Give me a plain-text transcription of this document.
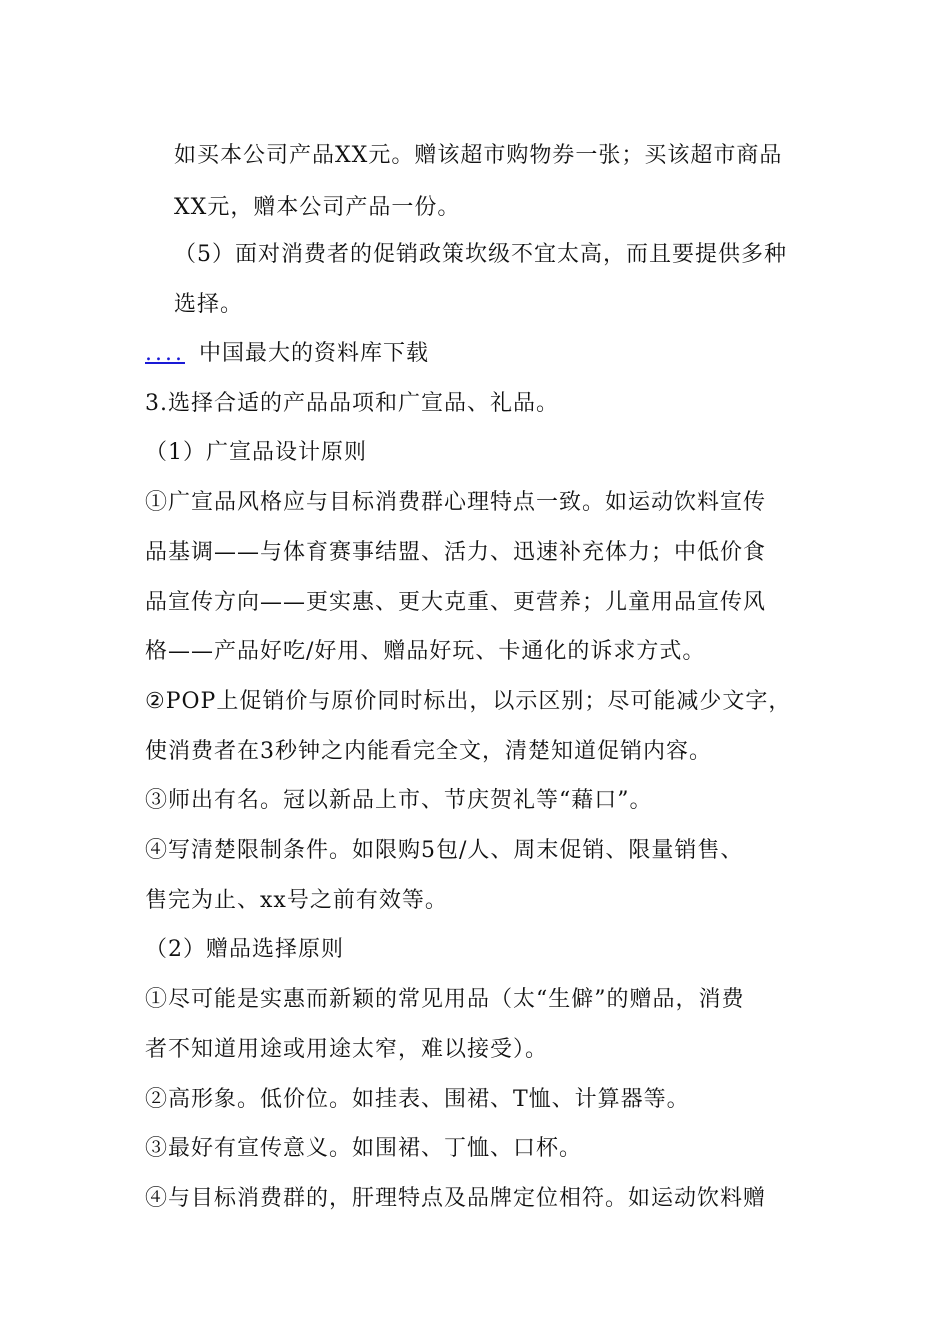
如买本公司产品XX元。赠该超市购物券一张；买该超市商品
XX元，赠本公司产品一份。
（5）面对消费者的促销政策坎级不宜太高，而且要提供多种
选择。
.... 中国最大的资料库下载
3.选择合适的产品品项和广宣品、礼品。
（1）广宣品设计原则
①广宣品风格应与目标消费群心理特点一致。如运动饮料宣传
品基调——与体育赛事结盟、活力、迅速补充体力；中低价食
品宣传方向——更实惠、更大克重、更营养；儿童用品宣传风
格——产品好吃/好用、赠品好玩、卡通化的诉求方式。
②POP上促销价与原价同时标出，以示区别；尽可能减少文字，
使消费者在3秒钟之内能看完全文，清楚知道促销内容。
③师出有名。冠以新品上市、节庆贺礼等“藉口”。
④写清楚限制条件。如限购5包/人、周末促销、限量销售、
售完为止、xx号之前有效等。
（2）赠品选择原则
①尽可能是实惠而新颖的常见用品（太“生僻”的赠品，消费
者不知道用途或用途太窄，难以接受）。
②高形象。低价位。如挂表、围裙、T恤、计算器等。
③最好有宣传意义。如围裙、丁恤、口杯。
④与目标消费群的，肝理特点及品牌定位相符。如运动饮料赠
